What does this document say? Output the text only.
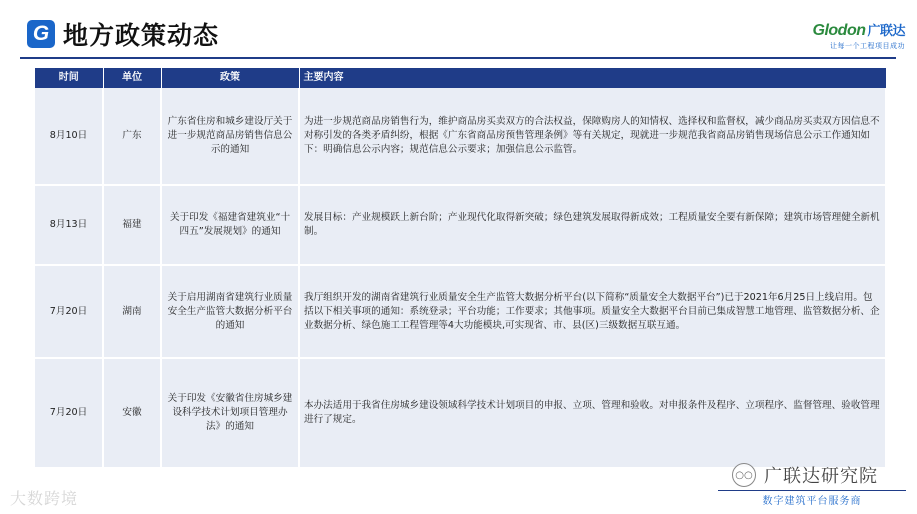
G 地方政策动态	Glodon 广联达
让每一个工程项目成功
时间	单位	政策	主要内容
8月10日	广东	广东省住房和城乡建设厅关于进一步规范商品房销售信息公示的通知	为进一步规范商品房销售行为，维护商品房买卖双方的合法权益，保障购房人的知情权、选择权和监督权，减少商品房买卖双方因信息不对称引发的各类矛盾纠纷，根据《广东省商品房预售管理条例》等有关规定，现就进一步规范我省商品房销售现场信息公示工作通知如下：明确信息公示内容；规范信息公示要求；加强信息公示监管。
8月13日	福建	关于印发《福建省建筑业“十四五”发展规划》的通知	发展目标：产业规模跃上新台阶；产业现代化取得新突破；绿色建筑发展取得新成效；工程质量安全要有新保障；建筑市场管理健全新机制。
7月20日	湖南	关于启用湖南省建筑行业质量安全生产监管大数据分析平台的通知	我厅组织开发的湖南省建筑行业质量安全生产监管大数据分析平台(以下简称“质量安全大数据平台”)已于2021年6月25日上线启用。包括以下相关事项的通知：系统登录；平台功能；工作要求；其他事项。质量安全大数据平台目前已集成智慧工地管理、监管数据分析、企业数据分析、绿色施工工程管理等4大功能模块,可实现省、市、县(区)三级数据互联互通。
7月20日	安徽	关于印发《安徽省住房城乡建设科学技术计划项目管理办法》的通知	本办法适用于我省住房城乡建设领域科学技术计划项目的申报、立项、管理和验收。对申报条件及程序、立项程序、监督管理、验收管理进行了规定。
○○ 广联达研究院
数字建筑平台服务商
大数跨境
